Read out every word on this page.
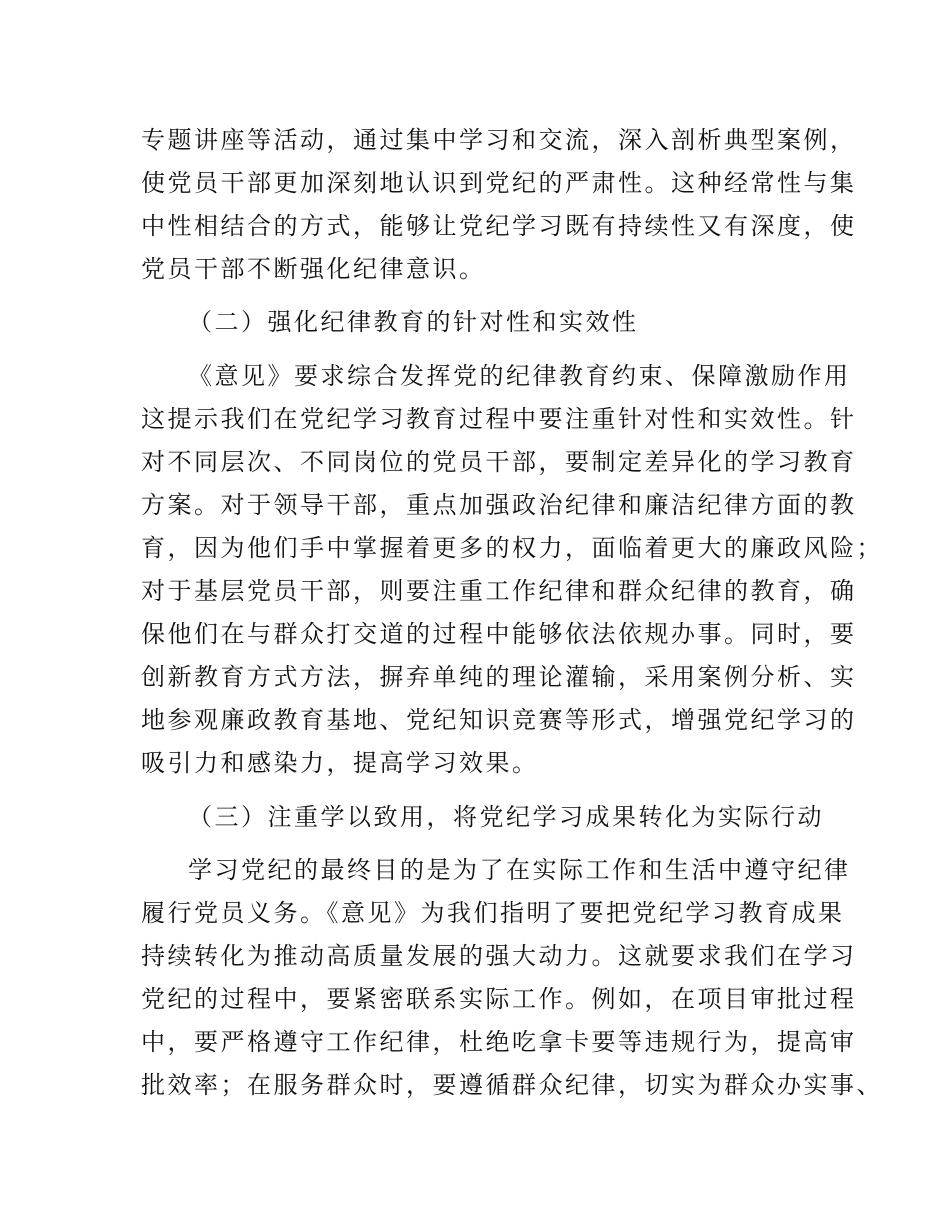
专题讲座等活动，通过集中学习和交流，深入剖析典型案例，
使党员干部更加深刻地认识到党纪的严肃性。这种经常性与集
中性相结合的方式，能够让党纪学习既有持续性又有深度，使
党员干部不断强化纪律意识。
（二）强化纪律教育的针对性和实效性
《意见》要求综合发挥党的纪律教育约束、保障激励作用
这提示我们在党纪学习教育过程中要注重针对性和实效性。针
对不同层次、不同岗位的党员干部，要制定差异化的学习教育
方案。对于领导干部，重点加强政治纪律和廉洁纪律方面的教
育，因为他们手中掌握着更多的权力，面临着更大的廉政风险；
对于基层党员干部，则要注重工作纪律和群众纪律的教育，确
保他们在与群众打交道的过程中能够依法依规办事。同时，要
创新教育方式方法，摒弃单纯的理论灌输，采用案例分析、实
地参观廉政教育基地、党纪知识竞赛等形式，增强党纪学习的
吸引力和感染力，提高学习效果。
（三）注重学以致用，将党纪学习成果转化为实际行动
学习党纪的最终目的是为了在实际工作和生活中遵守纪律
履行党员义务。《意见》为我们指明了要把党纪学习教育成果
持续转化为推动高质量发展的强大动力。这就要求我们在学习
党纪的过程中，要紧密联系实际工作。例如，在项目审批过程
中，要严格遵守工作纪律，杜绝吃拿卡要等违规行为，提高审
批效率；在服务群众时，要遵循群众纪律，切实为群众办实事、
